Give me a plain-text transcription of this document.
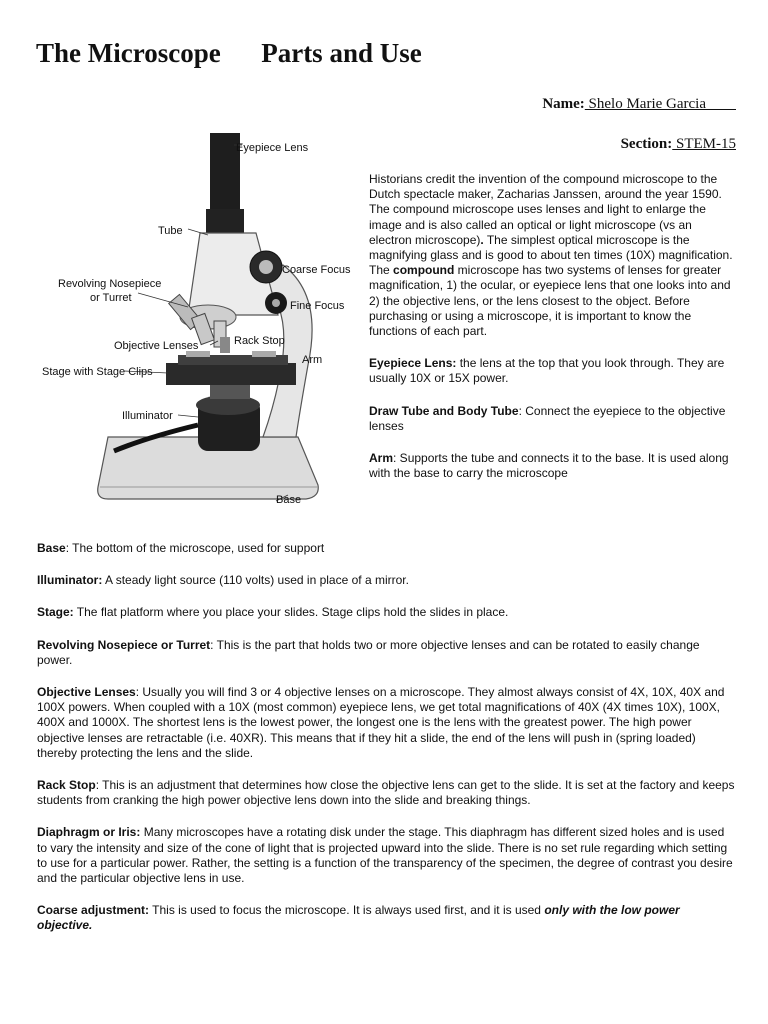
The Microscope      Parts and Use
Name: Shelo Marie Garcia
Section: STEM-15
Eyepiece Lens
Tube
Revolving Nosepiece
or Turret
Coarse Focus
Fine Focus
Objective Lenses	Rack Stop
Arm
Stage with Stage Clips
Illuminator
Base

Historians credit the invention of the compound microscope to the Dutch spectacle maker, Zacharias Janssen, around the year 1590. The compound microscope uses lenses and light to enlarge the image and is also called an optical or light microscope (vs an electron microscope). The simplest optical microscope is the magnifying glass and is good to about ten times (10X) magnification. The compound microscope has two systems of lenses for greater magnification, 1) the ocular, or eyepiece lens that one looks into and 2) the objective lens, or the lens closest to the object. Before purchasing or using a microscope, it is important to know the functions of each part.

Eyepiece Lens: the lens at the top that you look through. They are usually 10X or 15X power.

Draw Tube and Body Tube: Connect the eyepiece to the objective lenses

Arm: Supports the tube and connects it to the base. It is used along with the base to carry the microscope

Base: The bottom of the microscope, used for support

Illuminator: A steady light source (110 volts) used in place of a mirror.

Stage: The flat platform where you place your slides. Stage clips hold the slides in place.

Revolving Nosepiece or Turret: This is the part that holds two or more objective lenses and can be rotated to easily change power.

Objective Lenses: Usually you will find 3 or 4 objective lenses on a microscope. They almost always consist of 4X, 10X, 40X and 100X powers. When coupled with a 10X (most common) eyepiece lens, we get total magnifications of 40X (4X times 10X), 100X, 400X and 1000X. The shortest lens is the lowest power, the longest one is the lens with the greatest power. The high power objective lenses are retractable (i.e. 40XR). This means that if they hit a slide, the end of the lens will push in (spring loaded) thereby protecting the lens and the slide.

Rack Stop: This is an adjustment that determines how close the objective lens can get to the slide. It is set at the factory and keeps students from cranking the high power objective lens down into the slide and breaking things.

Diaphragm or Iris: Many microscopes have a rotating disk under the stage. This diaphragm has different sized holes and is used to vary the intensity and size of the cone of light that is projected upward into the slide. There is no set rule regarding which setting to use for a particular power. Rather, the setting is a function of the transparency of the specimen, the degree of contrast you desire and the particular objective lens in use.

Coarse adjustment: This is used to focus the microscope. It is always used first, and it is used only with the low power objective.
